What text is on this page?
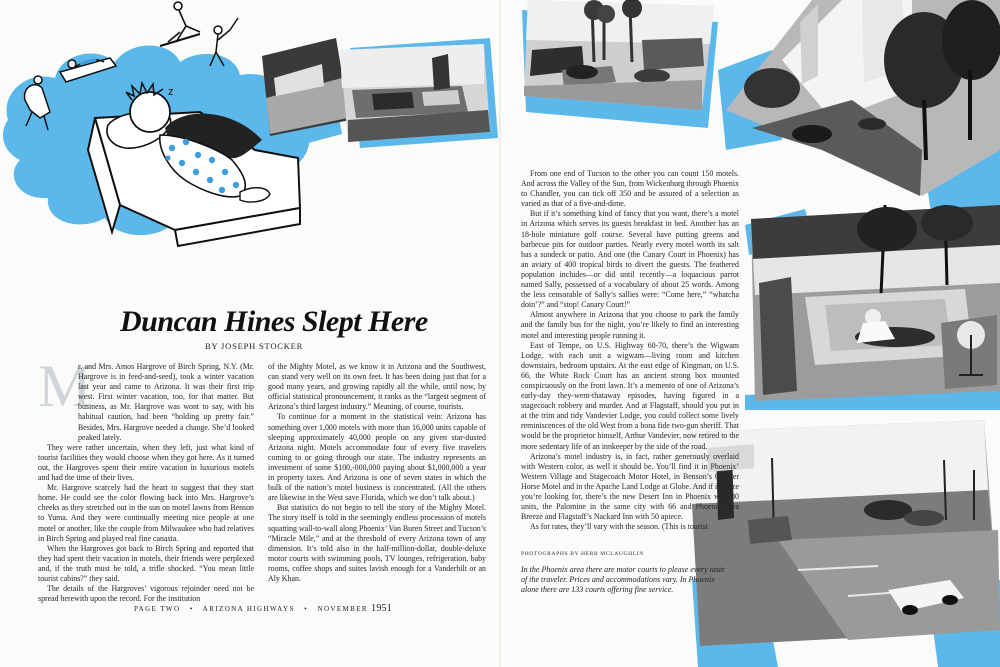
z
Duncan Hines Slept Here
BY JOSEPH STOCKER
M

r. and Mrs. Amos Hargrove of Birch Spring, N.Y. (Mr. Hargrove is in feed-and-seed), took a winter vacation last year and came to Arizona. It was their first trip west. First winter vacation, too, for that matter. But business, as Mr. Hargrove was wont to say, with his habitual caution, had been “holding up pretty fair.” Besides, Mrs. Hargrove needed a change. She’d looked peaked lately.

They were rather uncertain, when they left, just what kind of tourist facilities they would choose when they got here. As it turned out, the Hargroves spent their entire vacation in luxurious motels and had the time of their lives.

Mr. Hargrove scarcely had the heart to suggest that they start home. He could see the color flowing back into Mrs. Hargrove’s cheeks as they stretched out in the sun on motel lawns from Benson to Yuma. And they were continually meeting nice people at one motel or another, like the couple from Milwaukee who had relatives in Birch Spring and played real fine canasta.

When the Hargroves got back to Birch Spring and reported that they had spent their vacation in motels, their friends were perplexed and, if the truth must be told, a trifle shocked. “You mean little tourist cabins?” they said.

The details of the Hargroves’ vigorous rejoinder need not be spread herewith upon the record. For the institution

of the Mighty Motel, as we know it in Arizona and the Southwest, can stand very well on its own feet. It has been doing just that for a good many years, and growing rapidly all the while, until now, by official statistical pronouncement, it ranks as the “largest segment of Arizona’s third largest industry.” Meaning, of course, tourists.

To continue for a moment in the statistical vein: Arizona has something over 1,000 motels with more than 16,000 units capable of sleeping approximately 40,000 people on any given star-dusted Arizona night. Motels accommodate four of every five travelers coming to or going through our state. The industry represents an investment of some $100,-000,000 paying about $1,000,000 a year in property taxes. And Arizona is one of seven states in which the bulk of the nation’s motel business is concentrated. (All the others are likewise in the West save Florida, which we don’t talk about.)

But statistics do not begin to tell the story of the Mighty Motel. The story itself is told in the seemingly endless procession of motels squatting wall-to-wall along Phoenix’ Van Buren Street and Tucson’s “Miracle Mile,” and at the threshold of every Arizona town of any dimension. It’s told also in the half-million-dollar, double-deluxe motor courts with swimming pools, TV lounges, refrigeration, baby rooms, coffee shops and suites lavish enough for a Vanderbilt or an Aly Khan.

From one end of Tucson to the other you can count 150 motels. And across the Valley of the Sun, from Wickenburg through Phoenix to Chandler, you can tick off 350 and be assured of a selection as varied as that of a five-and-dime.

But if it’s something kind of fancy that you want, there’s a motel in Arizona which serves its guests breakfast in bed. Another has an 18-hole miniature golf course. Several have putting greens and barbecue pits for outdoor parties. Nearly every motel worth its salt has a sundeck or patio. And one (the Canary Court in Phoenix) has an aviary of 400 tropical birds to divert the guests. The feathered population includes—or did until recently—a loquacious parrot named Sally, possessed of a vocabulary of about 25 words. Among the less censorable of Sally’s sallies were: “Come here,” “whatcha doin’?” and “stop! Canary Court!”

Almost anywhere in Arizona that you choose to park the family and the family bus for the night, you’re likely to find an interesting motel and interesting people running it.

East of Tempe, on U.S. Highway 60-70, there’s the Wigwam Lodge, with each unit a wigwam—living room and kitchen downstairs, bedroom upstairs. At the east edge of Kingman, on U.S. 66, the White Rock Court has an ancient strong box mounted conspicuously on the front lawn. It’s a memento of one of Arizona’s early-day they-went-thataway episodes, having figured in a stagecoach robbery and murder. And at Flagstaff, should you put in at the trim and tidy Vandevier Lodge, you could collect some lively reminiscences of the old West from a bona fide two-gun sheriff. That would be the proprietor himself, Arthur Vandevier, now retired to the more sedentary life of an innkeeper by the side of the road.

Arizona’s motel industry is, in fact, rather generously overlaid with Western color, as well it should be. You’ll find it in Phoenix’ Western Village and Stagecoach Motor Hotel, in Benson’s Quarter Horse Motel and in the Apache Land Lodge at Globe. And if it’s size you’re looking for, there’s the new Desert Inn in Phoenix with 80 units, the Palomine in the same city with 66 and Phoenix’ Sea Breeze and Flagstaff’s Nackard Inn with 50 apiece.

As for rates, they’ll vary with the season. (This is tourist

PHOTOGRAPHS BY HERB MCLAUGHLIN
In the Phoenix area there are motor courts to please every taste of the traveler. Prices and accommodations vary. In Phoenix alone there are 133 courts offering fine service.
PAGE TWO • ARIZONA HIGHWAYS • NOVEMBER 1951
